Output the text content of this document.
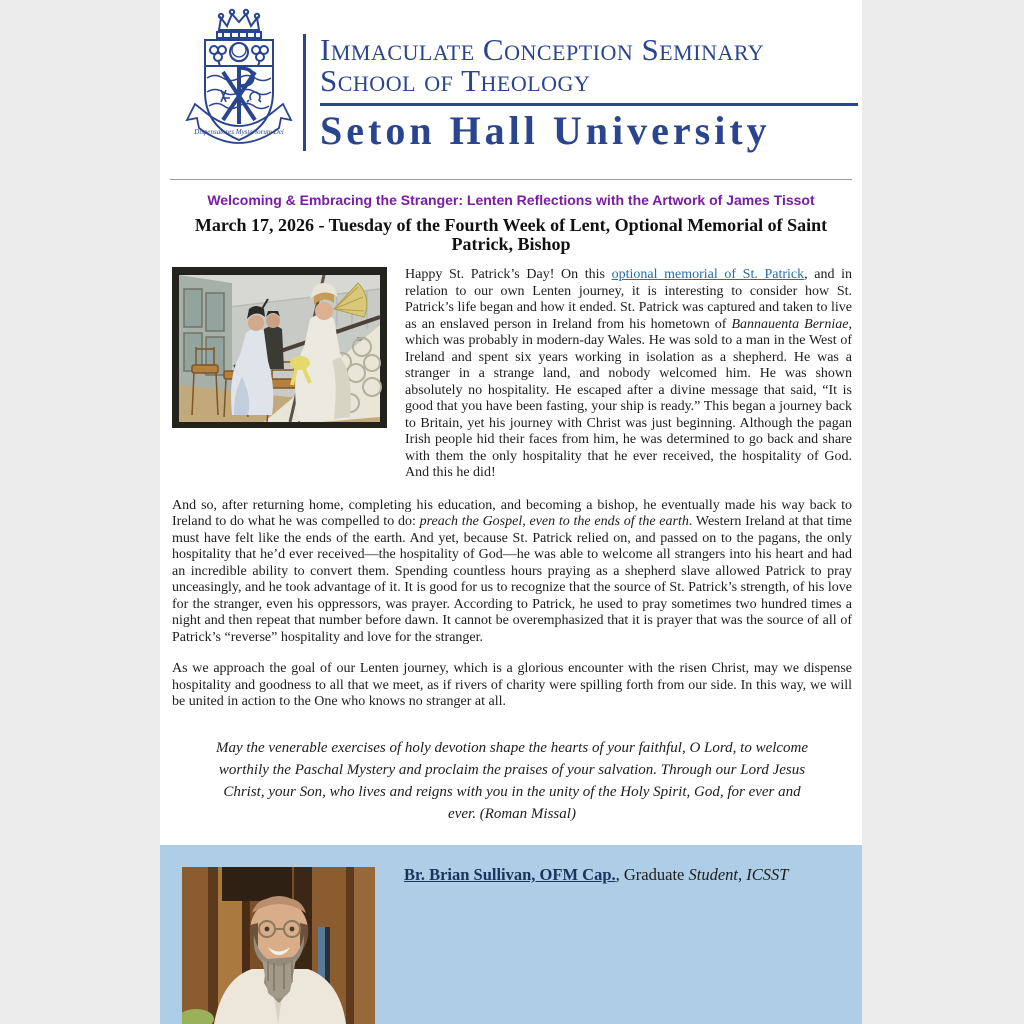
Dispensatores Mysteriorum Dei
Immaculate Conception Seminary
School of Theology
Seton Hall University
Welcoming & Embracing the Stranger: Lenten Reflections with the Artwork of James Tissot
March 17, 2026 - Tuesday of the Fourth Week of Lent, Optional Memorial of Saint Patrick, Bishop
Happy St. Patrick’s Day! On this optional memorial of St. Patrick, and in relation to our own Lenten journey, it is interesting to consider how St. Patrick’s life began and how it ended. St. Patrick was captured and taken to live as an enslaved person in Ireland from his hometown of Bannauenta Berniae, which was probably in modern-day Wales. He was sold to a man in the West of Ireland and spent six years working in isolation as a shepherd. He was a stranger in a strange land, and nobody welcomed him. He was shown absolutely no hospitality. He escaped after a divine message that said, “It is good that you have been fasting, your ship is ready.” This began a journey back to Britain, yet his journey with Christ was just beginning. Although the pagan Irish people hid their faces from him, he was determined to go back and share with them the only hospitality that he ever received, the hospitality of God. And this he did!
And so, after returning home, completing his education, and becoming a bishop, he eventually made his way back to Ireland to do what he was compelled to do: preach the Gospel, even to the ends of the earth. Western Ireland at that time must have felt like the ends of the earth. And yet, because St. Patrick relied on, and passed on to the pagans, the only hospitality that he’d ever received—the hospitality of God—he was able to welcome all strangers into his heart and had an incredible ability to convert them. Spending countless hours praying as a shepherd slave allowed Patrick to pray unceasingly, and he took advantage of it. It is good for us to recognize that the source of St. Patrick’s strength, of his love for the stranger, even his oppressors, was prayer. According to Patrick, he used to pray sometimes two hundred times a night and then repeat that number before dawn. It cannot be overemphasized that it is prayer that was the source of all of Patrick’s “reverse” hospitality and love for the stranger.
As we approach the goal of our Lenten journey, which is a glorious encounter with the risen Christ, may we dispense hospitality and goodness to all that we meet, as if rivers of charity were spilling forth from our side. In this way, we will be united in action to the One who knows no stranger at all.
May the venerable exercises of holy devotion shape the hearts of your faithful, O Lord, to welcome worthily the Paschal Mystery and proclaim the praises of your salvation. Through our Lord Jesus Christ, your Son, who lives and reigns with you in the unity of the Holy Spirit, God, for ever and ever. (Roman Missal)
Br. Brian Sullivan, OFM Cap., Graduate Student, ICSST
